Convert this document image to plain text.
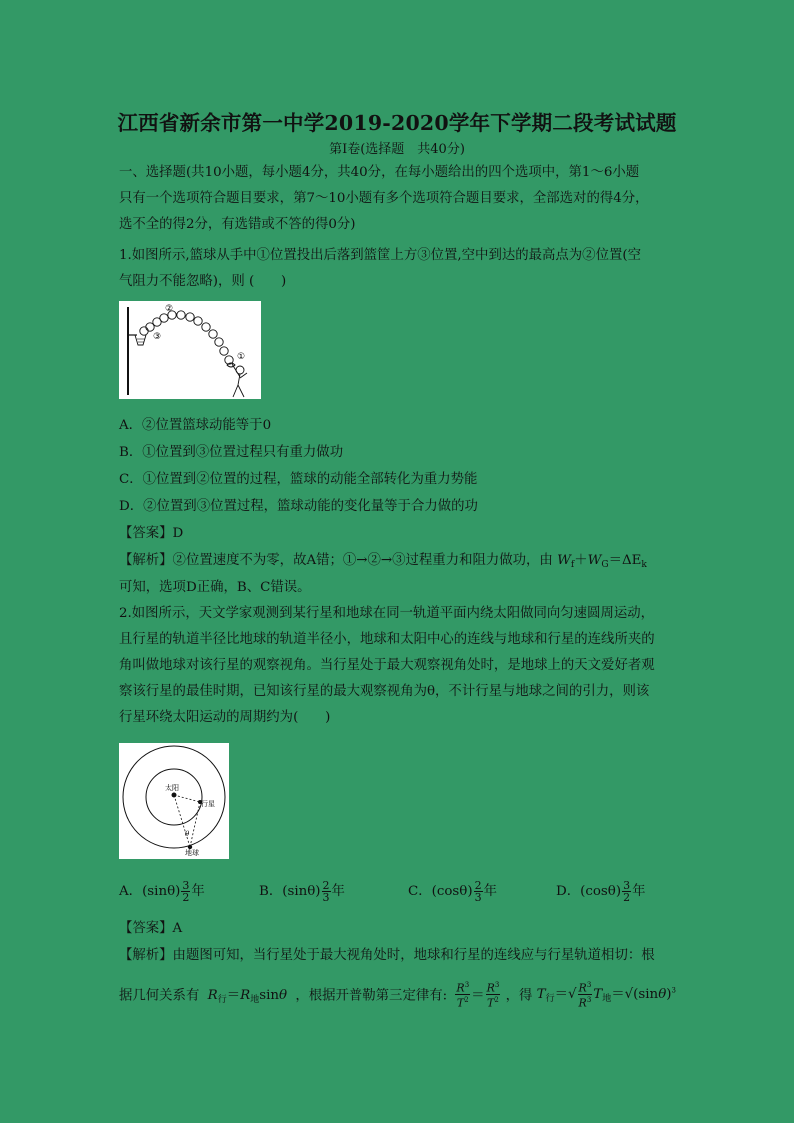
江西省新余市第一中学2019-2020学年下学期二段考试试题
第Ⅰ卷(选择题　共40分)
一、选择题(共10小题，每小题4分，共40分，在每小题给出的四个选项中，第1～6小题
只有一个选项符合题目要求，第7～10小题有多个选项符合题目要求，全部选对的得4分，
选不全的得2分，有选错或不答的得0分)
1.如图所示,篮球从手中①位置投出后落到篮筐上方③位置,空中到达的最高点为②位置(空
气阻力不能忽略)，则 (　　)
②
③
①
A．②位置篮球动能等于0
B．①位置到③位置过程只有重力做功
C．①位置到②位置的过程，篮球的动能全部转化为重力势能
D．②位置到③位置过程，篮球动能的变化量等于合力做的功
【答案】D
【解析】②位置速度不为零，故A错；①→②→③过程重力和阻力做功，由 $W_f+W_G=\Delta E_k$
可知，选项D正确，B、C错误。
2.如图所示，天文学家观测到某行星和地球在同一轨道平面内绕太阳做同向匀速圆周运动，
且行星的轨道半径比地球的轨道半径小，地球和太阳中心的连线与地球和行星的连线所夹的
角叫做地球对该行星的观察视角。当行星处于最大观察视角处时，是地球上的天文爱好者观
察该行星的最佳时期，已知该行星的最大观察视角为θ，不计行星与地球之间的引力，则该
行星环绕太阳运动的周期约为(　　)
太阳
行星
地球
θ
A．$(\sin\theta) \frac{3}{2}$ 年	B．$(\sin\theta) \frac{2}{3}$ 年	C．$(\cos\theta) \frac{2}{3}$ 年	D．$(\cos\theta) \frac{3}{2}$ 年
【答案】A
【解析】由题图可知，当行星处于最大视角处时，地球和行星的连线应与行星轨道相切：根
据几何关系有 $R_行=R_地\sin\theta$ ，根据开普勒第三定律有: $\frac{R^3}{T^2} = \frac{R^3}{T^2}$ ，得 $T_行=√ \frac{R^3}{R^3} T_地=√(\sin\theta)^3$
